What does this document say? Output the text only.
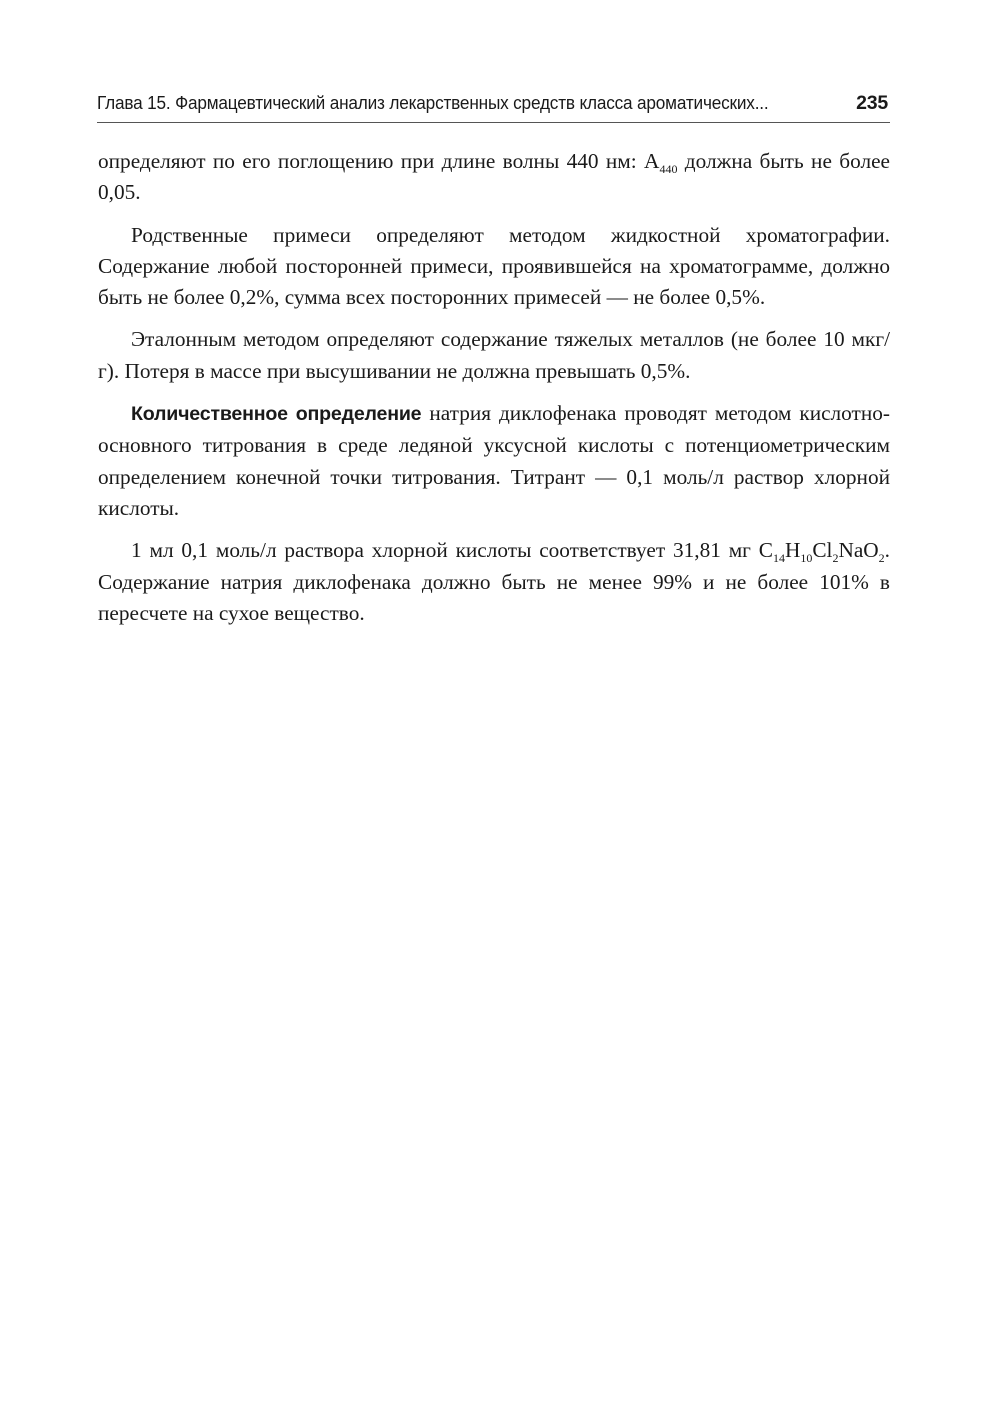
Глава 15. Фармацевтический анализ лекарственных средств класса ароматических...	235

определяют по его поглощению при длине волны 440 нм: $A_{440}$ должна быть не более 0,05.

Родственные примеси определяют методом жидкостной хроматографии. Содержание любой посторонней примеси, проявившейся на хроматограмме, должно быть не более 0,2%, сумма всех посторонних примесей — не более 0,5%.

Эталонным методом определяют содержание тяжелых металлов (не более 10 мкг/г). Потеря в массе при высушивании не должна превышать 0,5%.

Количественное определение натрия диклофенака проводят методом кислотно-основного титрования в среде ледяной уксусной кислоты с потенциометрическим определением конечной точки титрования. Титрант — 0,1 моль/л раствор хлорной кислоты.

1 мл 0,1 моль/л раствора хлорной кислоты соответствует 31,81 мг $C_{14}H_{10}Cl_2NaO_2$. Содержание натрия диклофенака должно быть не менее 99% и не более 101% в пересчете на сухое вещество.
